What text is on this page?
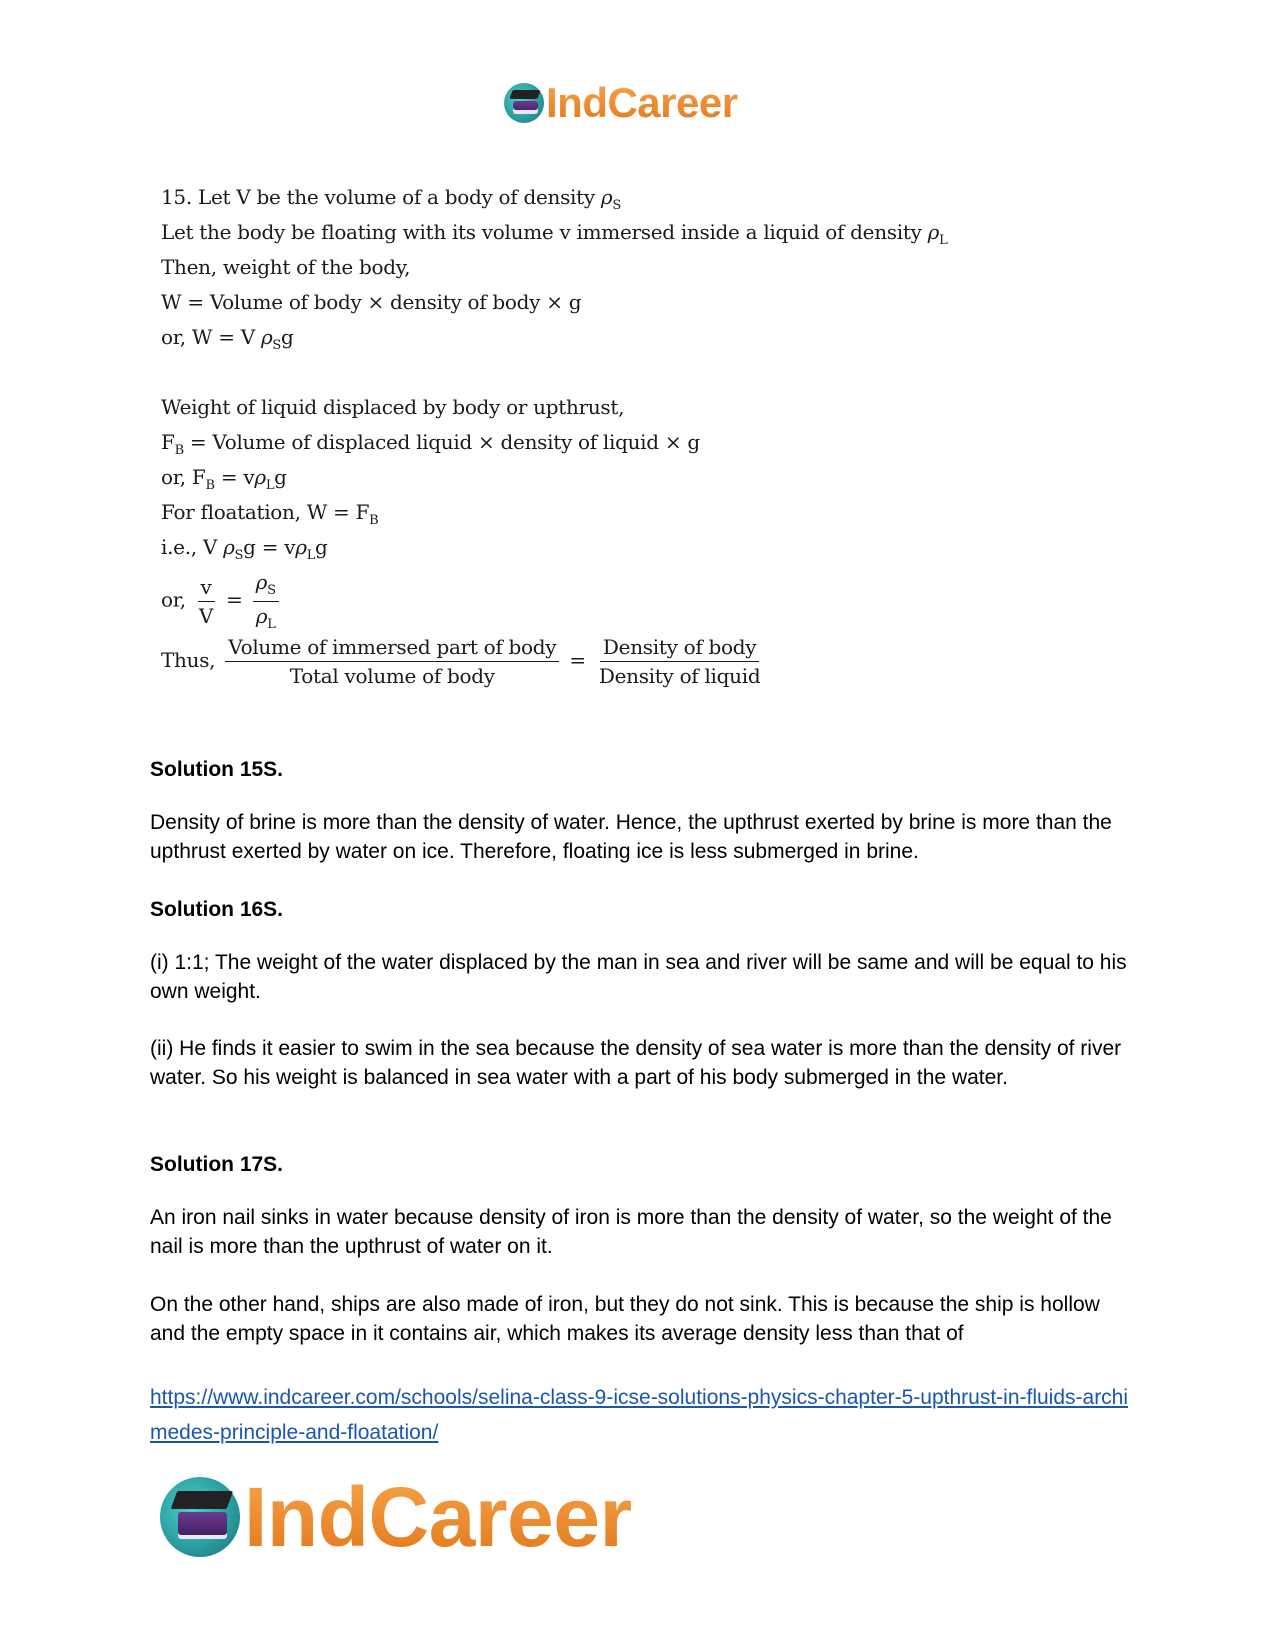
IndCareer
15. Let V be the volume of a body of density $\rho_S$
Let the body be floating with its volume v immersed inside a liquid of density $\rho_L$
Then, weight of the body,
W = Volume of body × density of body × g
or, W = V $\rho_Sg$
Weight of liquid displaced by body or upthrust,
$F_B$ = Volume of displaced liquid × density of liquid × g
or, $F_B = v\rho_Lg$
For floatation, $W = F_B$
i.e., V $\rho_Sg = v\rho_Lg$
or, $\frac{v}{V} = \frac{\rho_S}{\rho_L}$
Thus, $\frac{\text{Volume of immersed part of body}}{\text{Total volume of body}} = \frac{\text{Density of body}}{\text{Density of liquid}}$
Solution 15S.
Density of brine is more than the density of water. Hence, the upthrust exerted by brine is more than the upthrust exerted by water on ice. Therefore, floating ice is less submerged in brine.
Solution 16S.
(i) 1:1; The weight of the water displaced by the man in sea and river will be same and will be equal to his own weight.
(ii) He finds it easier to swim in the sea because the density of sea water is more than the density of river water. So his weight is balanced in sea water with a part of his body submerged in the water.
Solution 17S.
An iron nail sinks in water because density of iron is more than the density of water, so the weight of the nail is more than the upthrust of water on it.
On the other hand, ships are also made of iron, but they do not sink. This is because the ship is hollow and the empty space in it contains air, which makes its average density less than that of
https://www.indcareer.com/schools/selina-class-9-icse-solutions-physics-chapter-5-upthrust-in-fluids-archimedes-principle-and-floatation/
IndCareer
